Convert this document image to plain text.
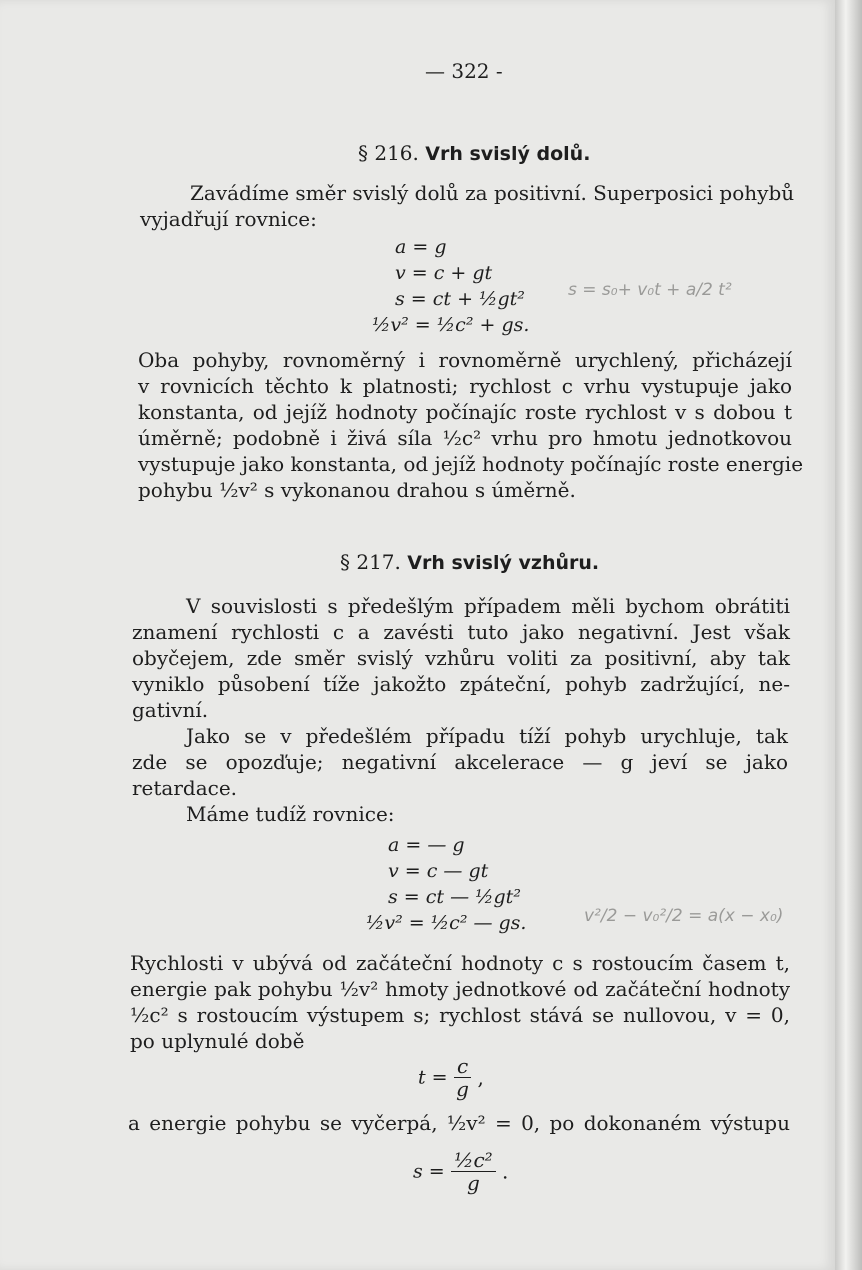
— 322 -
§ 216. Vrh svislý dolů.
Zavádíme směr svislý dolů za positivní. Superposici pohybů
vyjadřují rovnice:
a = g
v = c + gt
s = ct + ½gt²
½v² = ½c² + gs.
s = s₀+ v₀t + a/2 t²
Oba pohyby, rovnoměrný i rovnoměrně urychlený, přicházejí
v rovnicích těchto k platnosti; rychlost c vrhu vystupuje jako
konstanta, od jejíž hodnoty počínajíc roste rychlost v s dobou t
úměrně; podobně i živá síla ½c² vrhu pro hmotu jednotkovou
vystupuje jako konstanta, od jejíž hodnoty počínajíc roste energie
pohybu ½v² s vykonanou drahou s úměrně.
§ 217. Vrh svislý vzhůru.
V souvislosti s předešlým případem měli bychom obrátiti
znamení rychlosti c a zavésti tuto jako negativní. Jest však
obyčejem, zde směr svislý vzhůru voliti za positivní, aby tak
vyniklo působení tíže jakožto zpáteční, pohyb zadržující, ne-
gativní.
Jako se v předešlém případu tíží pohyb urychluje, tak
zde se opozďuje; negativní akcelerace — g jeví se jako
retardace.
Máme tudíž rovnice:
a = — g
v = c — gt
s = ct — ½gt²
½v² = ½c² — gs.	v²/2 − v₀²/2 = a(x − x₀)
Rychlosti v ubývá od začáteční hodnoty c s rostoucím časem t,
energie pak pohybu ½v² hmoty jednotkové od začáteční hodnoty
½c² s rostoucím výstupem s; rychlost stává se nullovou, v = 0,
po uplynulé době
$t = \frac{c}{g}$ ,
a energie pohybu se vyčerpá, ½v² = 0, po dokonaném výstupu
$s = \frac{\text{½c²}}{g}$ .
